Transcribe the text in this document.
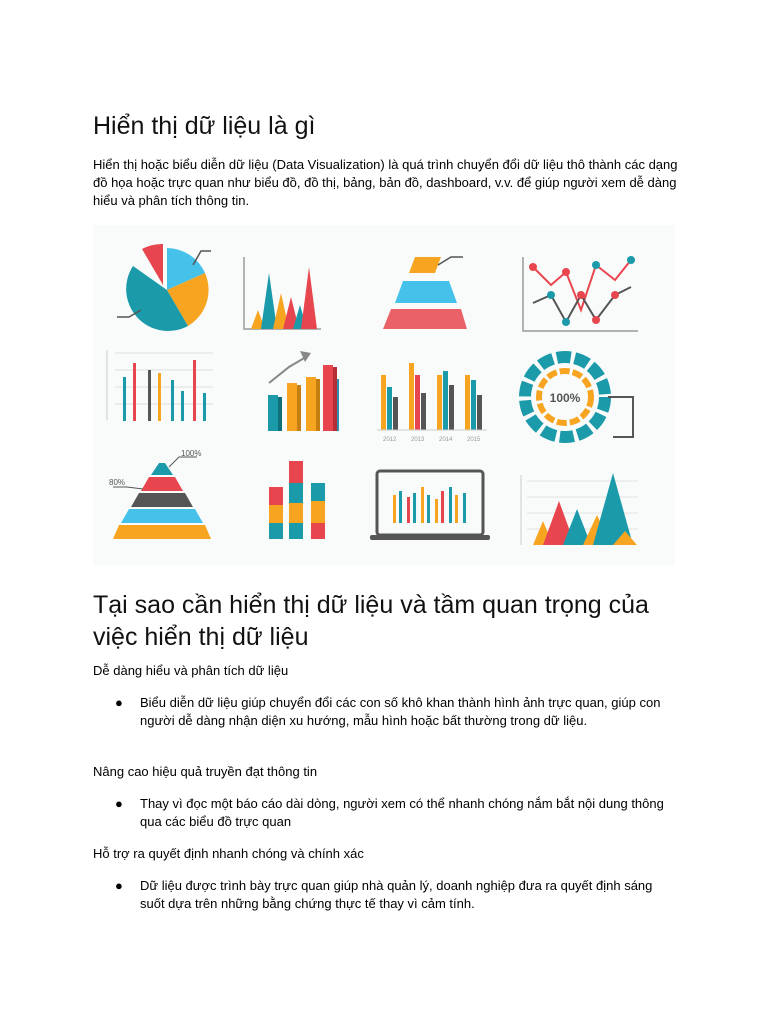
Hiển thị dữ liệu là gì

Hiển thị hoặc biểu diễn dữ liệu (Data Visualization) là quá trình chuyển đổi dữ liệu thô thành các dạng đồ họa hoặc trực quan như biểu đồ, đồ thị, bảng, bản đồ, dashboard, v.v. để giúp người xem dễ dàng hiểu và phân tích thông tin.

2012 2013 2014 2015
100%
100%
80%
Tại sao cần hiển thị dữ liệu và tầm quan trọng của việc hiển thị dữ liệu

Dễ dàng hiểu và phân tích dữ liệu

●	Biểu diễn dữ liệu giúp chuyển đổi các con số khô khan thành hình ảnh trực quan, giúp con người dễ dàng nhận diện xu hướng, mẫu hình hoặc bất thường trong dữ liệu.

Nâng cao hiệu quả truyền đạt thông tin

●	Thay vì đọc một báo cáo dài dòng, người xem có thể nhanh chóng nắm bắt nội dung thông qua các biểu đồ trực quan

Hỗ trợ ra quyết định nhanh chóng và chính xác

●	Dữ liệu được trình bày trực quan giúp nhà quản lý, doanh nghiệp đưa ra quyết định sáng suốt dựa trên những bằng chứng thực tế thay vì cảm tính.
